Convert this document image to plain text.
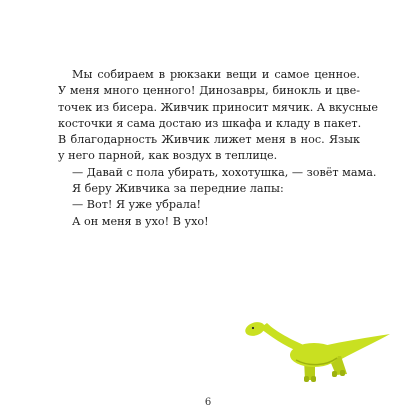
Мы собираем в рюкзаки вещи и самое ценное.
У меня много ценного! Динозавры, бинокль и цве-
точек из бисера. Живчик приносит мячик. А вкусные
косточки я сама достаю из шкафа и кладу в пакет.
В благодарность Живчик лижет меня в нос. Язык
у него парной, как воздух в теплице.
— Давай с пола убирать, хохотушка, — зовёт мама.
Я беру Живчика за передние лапы:
— Вот! Я уже убрала!
А он меня в ухо! В ухо!
6
